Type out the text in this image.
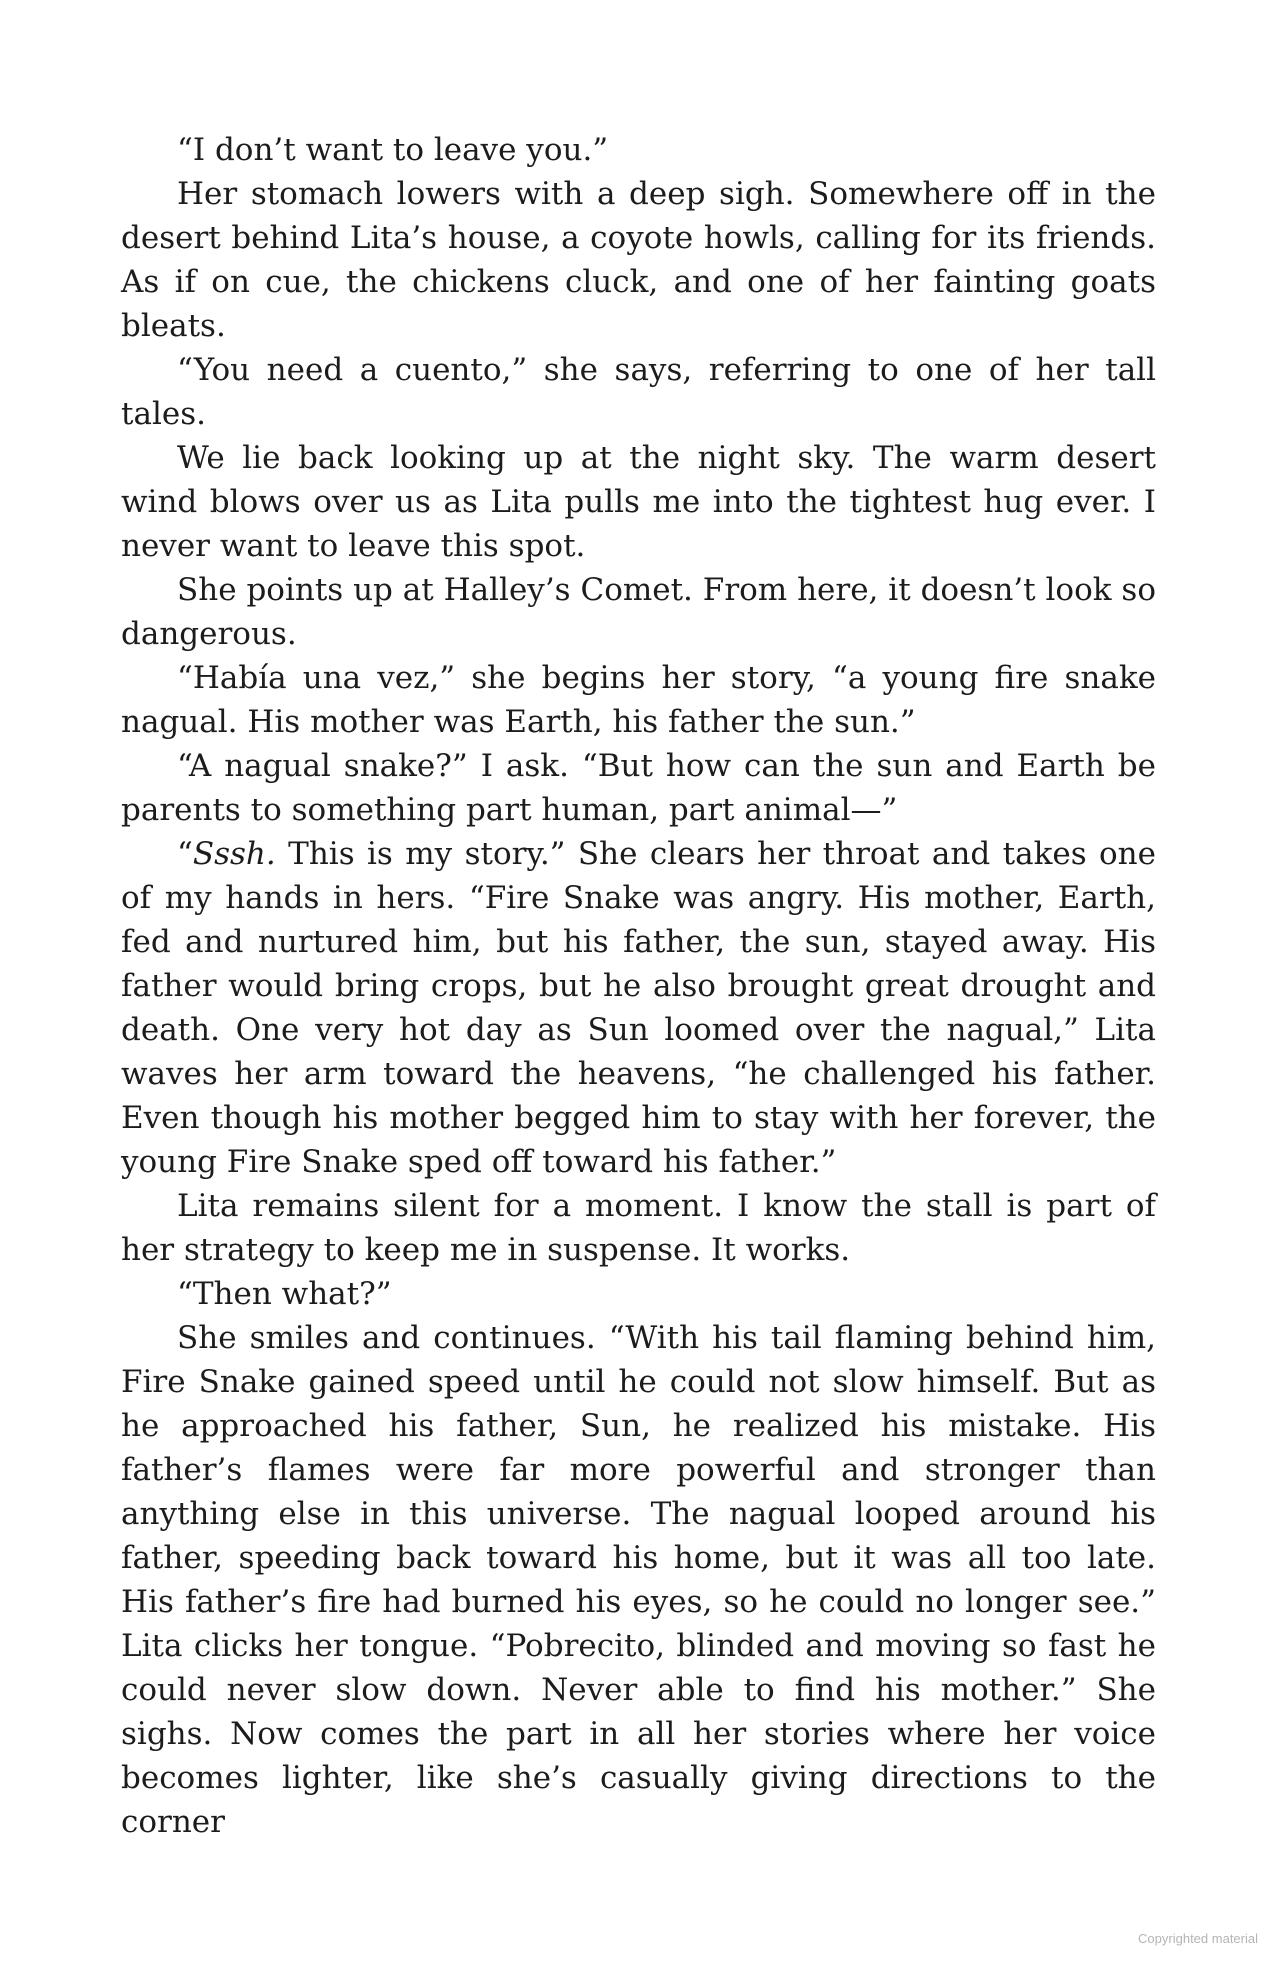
“I don’t want to leave you.”

Her stomach lowers with a deep sigh. Somewhere off in the desert behind Lita’s house, a coyote howls, calling for its friends. As if on cue, the chickens cluck, and one of her fainting goats bleats.

“You need a cuento,” she says, referring to one of her tall tales.

We lie back looking up at the night sky. The warm desert wind blows over us as Lita pulls me into the tightest hug ever. I never want to leave this spot.

She points up at Halley’s Comet. From here, it doesn’t look so dangerous.

“Había una vez,” she begins her story, “a young fire snake nagual. His mother was Earth, his father the sun.”

“A nagual snake?” I ask. “But how can the sun and Earth be parents to something part human, part animal—”

“Sssh. This is my story.” She clears her throat and takes one of my hands in hers. “Fire Snake was angry. His mother, Earth, fed and nurtured him, but his father, the sun, stayed away. His father would bring crops, but he also brought great drought and death. One very hot day as Sun loomed over the nagual,” Lita waves her arm toward the heavens, “he challenged his father. Even though his mother begged him to stay with her forever, the young Fire Snake sped off toward his father.”

Lita remains silent for a moment. I know the stall is part of her strategy to keep me in suspense. It works.

“Then what?”

She smiles and continues. “With his tail flaming behind him, Fire Snake gained speed until he could not slow himself. But as he approached his father, Sun, he realized his mistake. His father’s flames were far more powerful and stronger than anything else in this universe. The nagual looped around his father, speeding back toward his home, but it was all too late. His father’s fire had burned his eyes, so he could no longer see.” Lita clicks her tongue. “Pobrecito, blinded and moving so fast he could never slow down. Never able to find his mother.” She sighs. Now comes the part in all her stories where her voice becomes lighter, like she’s casually giving directions to the corner

Copyrighted material
